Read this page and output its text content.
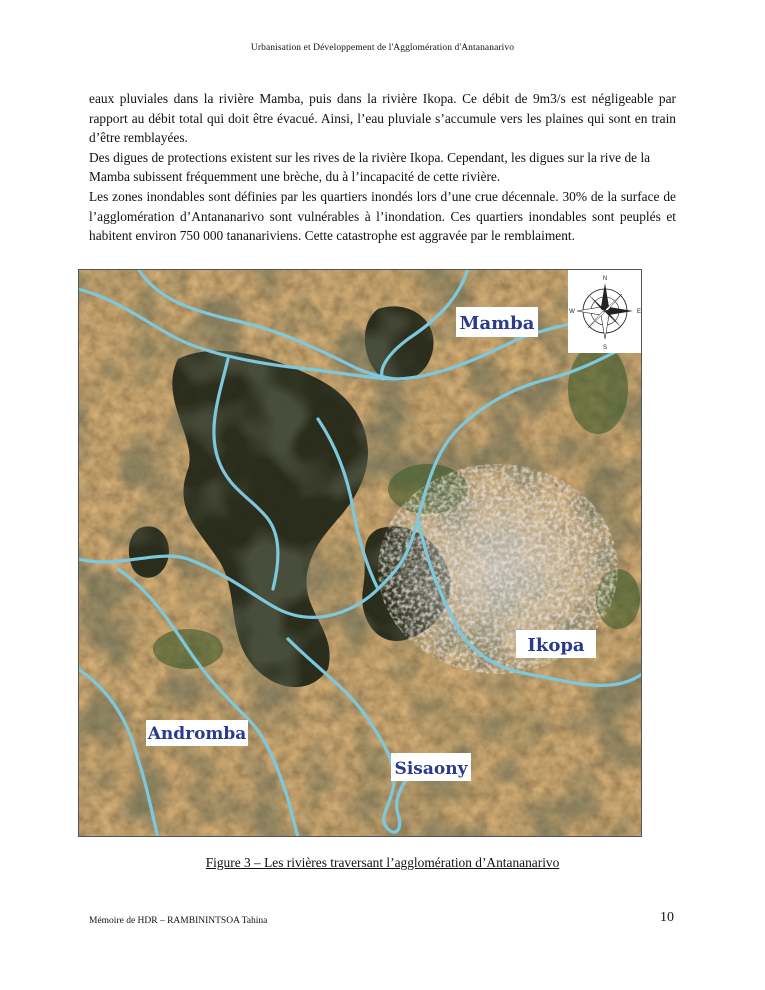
Urbanisation et Développement de l'Agglomération d'Antananarivo

eaux pluviales dans la rivière Mamba, puis dans la rivière Ikopa. Ce débit de 9m3/s est négligeable par rapport au débit total qui doit être évacué. Ainsi, l’eau pluviale s’accumule vers les plaines qui sont en train d’être remblayées.

Des digues de protections existent sur les rives de la rivière Ikopa. Cependant, les digues sur la rive de la Mamba subissent fréquemment une brèche, du à l’incapacité de cette rivière.

Les zones inondables sont définies par les quartiers inondés lors d’une crue décennale. 30% de la surface de l’agglomération d’Antananarivo sont vulnérables à l’inondation. Ces quartiers inondables sont peuplés et habitent environ 750 000 tananariviens. Cette catastrophe est aggravée par le remblaiment.

N
S
E
W
Mamba
Ikopa
Andromba
Sisaony
Figure 3 – Les rivières traversant l’agglomération d’Antananarivo
Mémoire de HDR – RAMBININTSOA Tahina	10
